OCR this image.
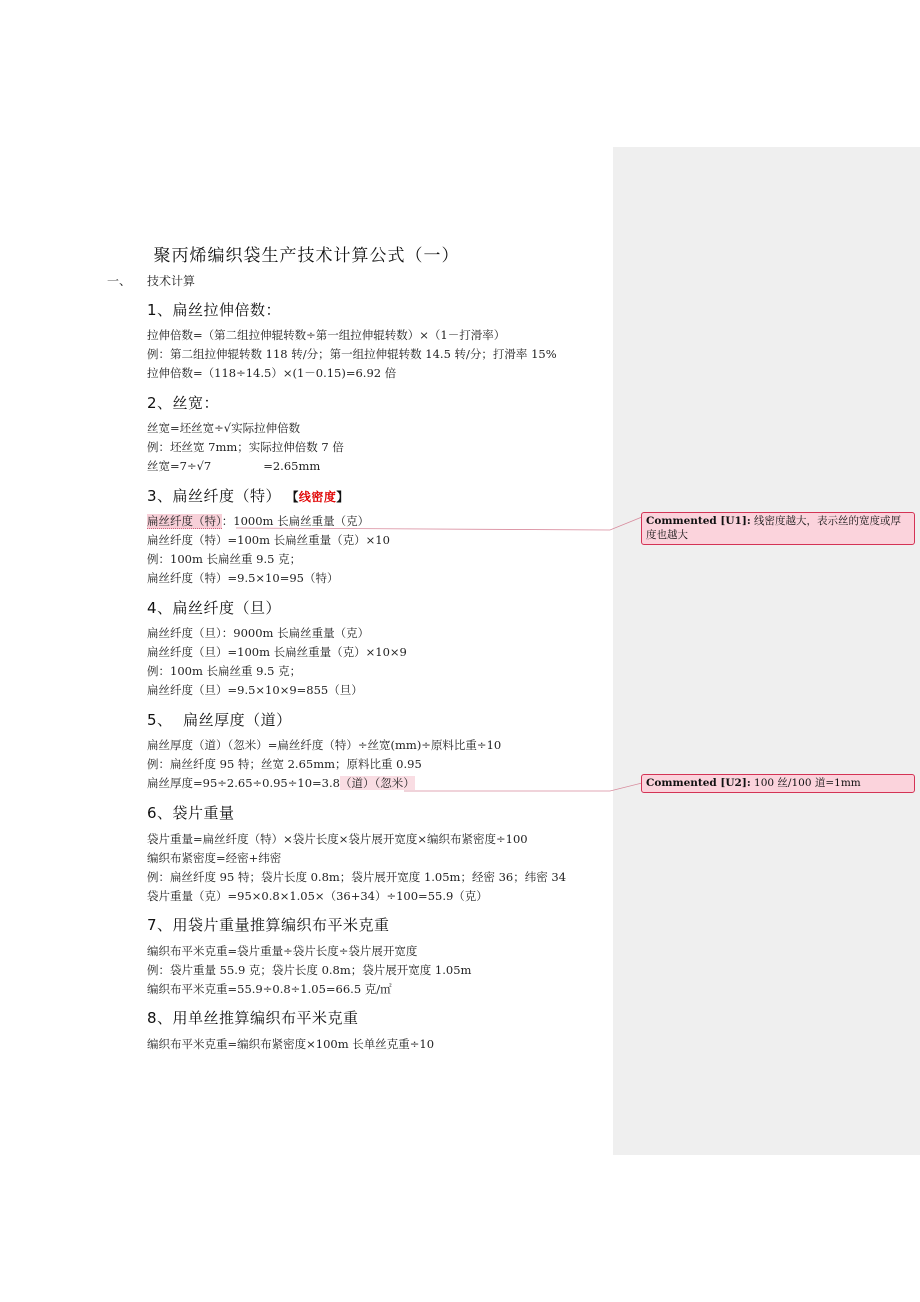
聚丙烯编织袋生产技术计算公式（一）
一、 技术计算
1、扁丝拉伸倍数：
拉伸倍数=（第二组拉伸辊转数÷第一组拉伸辊转数）×（1－打滑率）
例：第二组拉伸辊转数 118 转/分；第一组拉伸辊转数 14.5 转/分；打滑率 15%
拉伸倍数=（118÷14.5）×(1－0.15)=6.92 倍
2、丝宽：
丝宽=坯丝宽÷√实际拉伸倍数
例：坯丝宽 7mm；实际拉伸倍数 7 倍
丝宽=7÷√7	=2.65mm
3、扁丝纤度（特） 【线密度】
扁丝纤度（特）：1000m 长扁丝重量（克）
扁丝纤度（特）=100m 长扁丝重量（克）×10
例：100m 长扁丝重 9.5 克；
扁丝纤度（特）=9.5×10=95（特）
4、扁丝纤度（旦）
扁丝纤度（旦）：9000m 长扁丝重量（克）
扁丝纤度（旦）=100m 长扁丝重量（克）×10×9
例：100m 长扁丝重 9.5 克；
扁丝纤度（旦）=9.5×10×9=855（旦）
5、  扁丝厚度（道）
扁丝厚度（道）（忽米）=扁丝纤度（特）÷丝宽(mm)÷原料比重÷10
例：扁丝纤度 95 特；丝宽 2.65mm；原料比重 0.95
扁丝厚度=95÷2.65÷0.95÷10=3.8（道）（忽米）
6、袋片重量
袋片重量=扁丝纤度（特）×袋片长度×袋片展开宽度×编织布紧密度÷100
编织布紧密度=经密+纬密
例：扁丝纤度 95 特；袋片长度 0.8m；袋片展开宽度 1.05m；经密 36；纬密 34
袋片重量（克）=95×0.8×1.05×（36+34）÷100=55.9（克）
7、用袋片重量推算编织布平米克重
编织布平米克重=袋片重量÷袋片长度÷袋片展开宽度
例：袋片重量 55.9 克；袋片长度 0.8m；袋片展开宽度 1.05m
编织布平米克重=55.9÷0.8÷1.05=66.5 克/㎡
8、用单丝推算编织布平米克重
编织布平米克重=编织布紧密度×100m 长单丝克重÷10
Commented [U1]: 线密度越大，表示丝的宽度或厚度也越大
Commented [U2]: 100 丝/100 道=1mm
